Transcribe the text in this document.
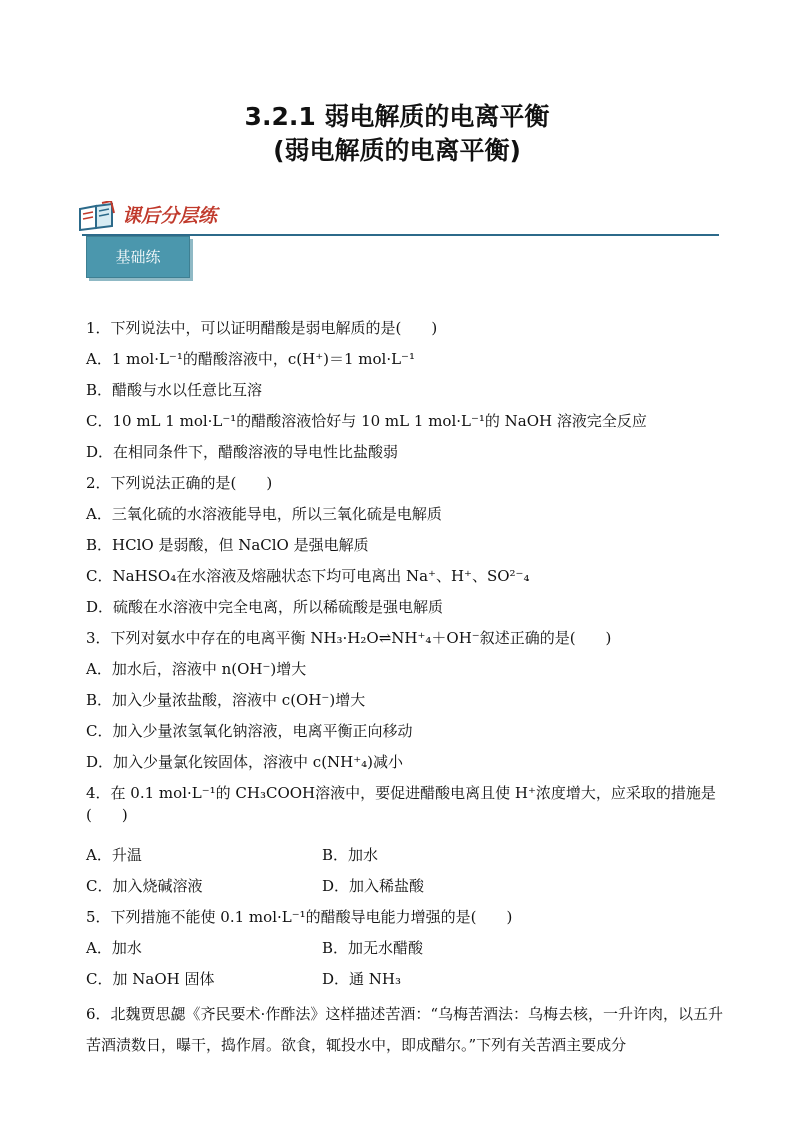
3.2.1 弱电解质的电离平衡
(弱电解质的电离平衡)
课后分层练
基础练
1．下列说法中，可以证明醋酸是弱电解质的是(　　)
A．1 mol·L⁻¹的醋酸溶液中，c(H⁺)＝1 mol·L⁻¹
B．醋酸与水以任意比互溶
C．10 mL 1 mol·L⁻¹的醋酸溶液恰好与 10 mL 1 mol·L⁻¹的 NaOH 溶液完全反应
D．在相同条件下，醋酸溶液的导电性比盐酸弱
2．下列说法正确的是(　　)
A．三氧化硫的水溶液能导电，所以三氧化硫是电解质
B．HClO 是弱酸，但 NaClO 是强电解质
C．NaHSO₄在水溶液及熔融状态下均可电离出 Na⁺、H⁺、SO²⁻₄
D．硫酸在水溶液中完全电离，所以稀硫酸是强电解质
3．下列对氨水中存在的电离平衡 NH₃·H₂O⇌NH⁺₄＋OH⁻叙述正确的是(　　)
A．加水后，溶液中 n(OH⁻)增大
B．加入少量浓盐酸，溶液中 c(OH⁻)增大
C．加入少量浓氢氧化钠溶液，电离平衡正向移动
D．加入少量氯化铵固体，溶液中 c(NH⁺₄)减小
4．在 0.1 mol·L⁻¹的 CH₃COOH溶液中，要促进醋酸电离且使 H⁺浓度增大，应采取的措施是(　　)
A．升温	B．加水
C．加入烧碱溶液	D．加入稀盐酸
5．下列措施不能使 0.1 mol·L⁻¹的醋酸导电能力增强的是(　　)
A．加水	B．加无水醋酸
C．加 NaOH 固体	D．通 NH₃
6．北魏贾思勰《齐民要术·作酢法》这样描述苦酒：“乌梅苦酒法：乌梅去核，一升许肉，以五升苦酒渍数日，曝干，捣作屑。欲食，辄投水中，即成醋尔。”下列有关苦酒主要成分
